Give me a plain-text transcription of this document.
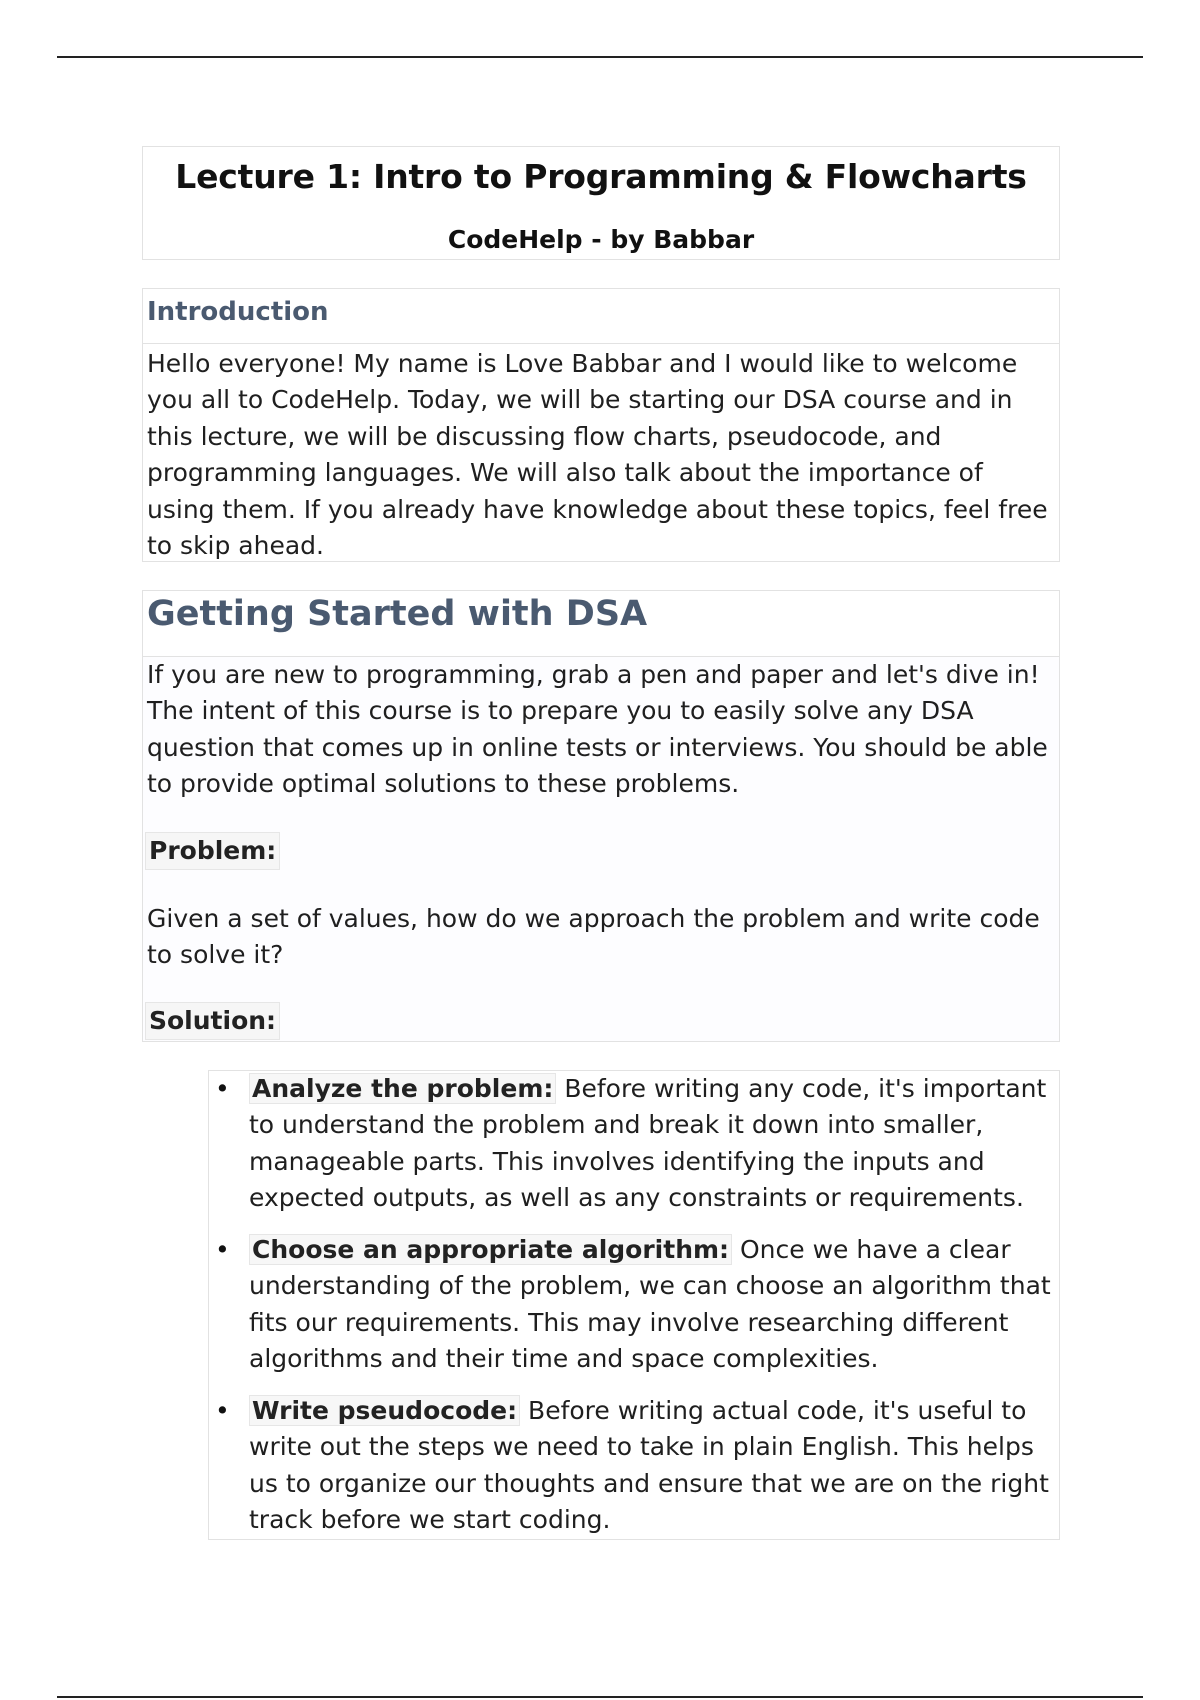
Lecture 1: Intro to Programming & Flowcharts
CodeHelp - by Babbar
Introduction
Hello everyone! My name is Love Babbar and I would like to welcome you all to CodeHelp. Today, we will be starting our DSA course and in this lecture, we will be discussing flow charts, pseudocode, and programming languages. We will also talk about the importance of using them. If you already have knowledge about these topics, feel free to skip ahead.
Getting Started with DSA
If you are new to programming, grab a pen and paper and let's dive in! The intent of this course is to prepare you to easily solve any DSA question that comes up in online tests or interviews. You should be able to provide optimal solutions to these problems.
Problem:
Given a set of values, how do we approach the problem and write code to solve it?
Solution:
• Analyze the problem: Before writing any code, it's important to understand the problem and break it down into smaller, manageable parts. This involves identifying the inputs and expected outputs, as well as any constraints or requirements.
• Choose an appropriate algorithm: Once we have a clear understanding of the problem, we can choose an algorithm that fits our requirements. This may involve researching different algorithms and their time and space complexities.
• Write pseudocode: Before writing actual code, it's useful to write out the steps we need to take in plain English. This helps us to organize our thoughts and ensure that we are on the right track before we start coding.
